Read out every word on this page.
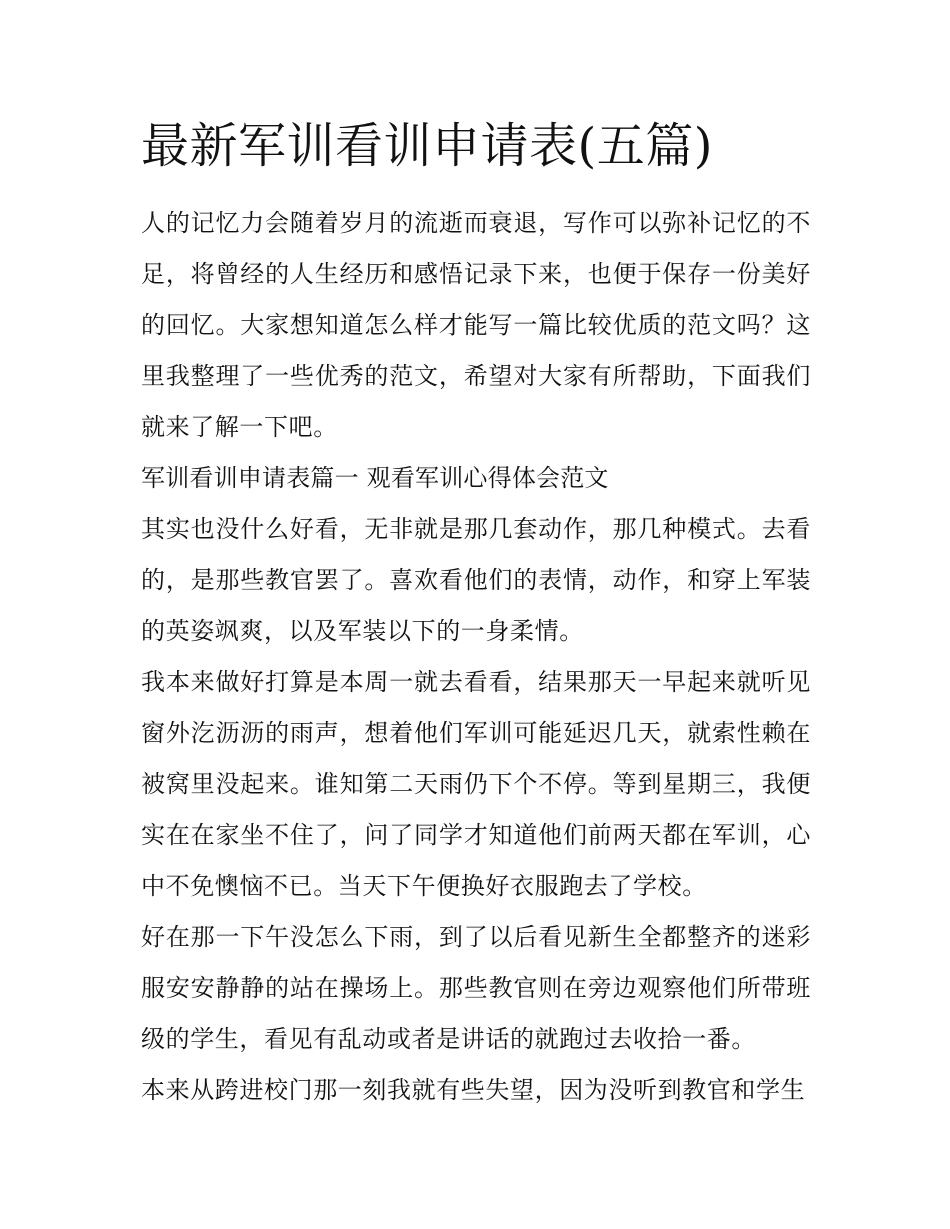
最新军训看训申请表(五篇)

人的记忆力会随着岁月的流逝而衰退，写作可以弥补记忆的不足，将曾经的人生经历和感悟记录下来，也便于保存一份美好的回忆。大家想知道怎么样才能写一篇比较优质的范文吗？这里我整理了一些优秀的范文，希望对大家有所帮助，下面我们就来了解一下吧。

军训看训申请表篇一 观看军训心得体会范文

其实也没什么好看，无非就是那几套动作，那几种模式。去看的，是那些教官罢了。喜欢看他们的表情，动作，和穿上军装的英姿飒爽，以及军装以下的一身柔情。

我本来做好打算是本周一就去看看，结果那天一早起来就听见窗外汔沥沥的雨声，想着他们军训可能延迟几天，就索性赖在被窝里没起来。谁知第二天雨仍下个不停。等到星期三，我便实在在家坐不住了，问了同学才知道他们前两天都在军训，心中不免懊恼不已。当天下午便换好衣服跑去了学校。

好在那一下午没怎么下雨，到了以后看见新生全都整齐的迷彩服安安静静的站在操场上。那些教官则在旁边观察他们所带班级的学生，看见有乱动或者是讲话的就跑过去收拾一番。

本来从跨进校门那一刻我就有些失望，因为没听到教官和学生
